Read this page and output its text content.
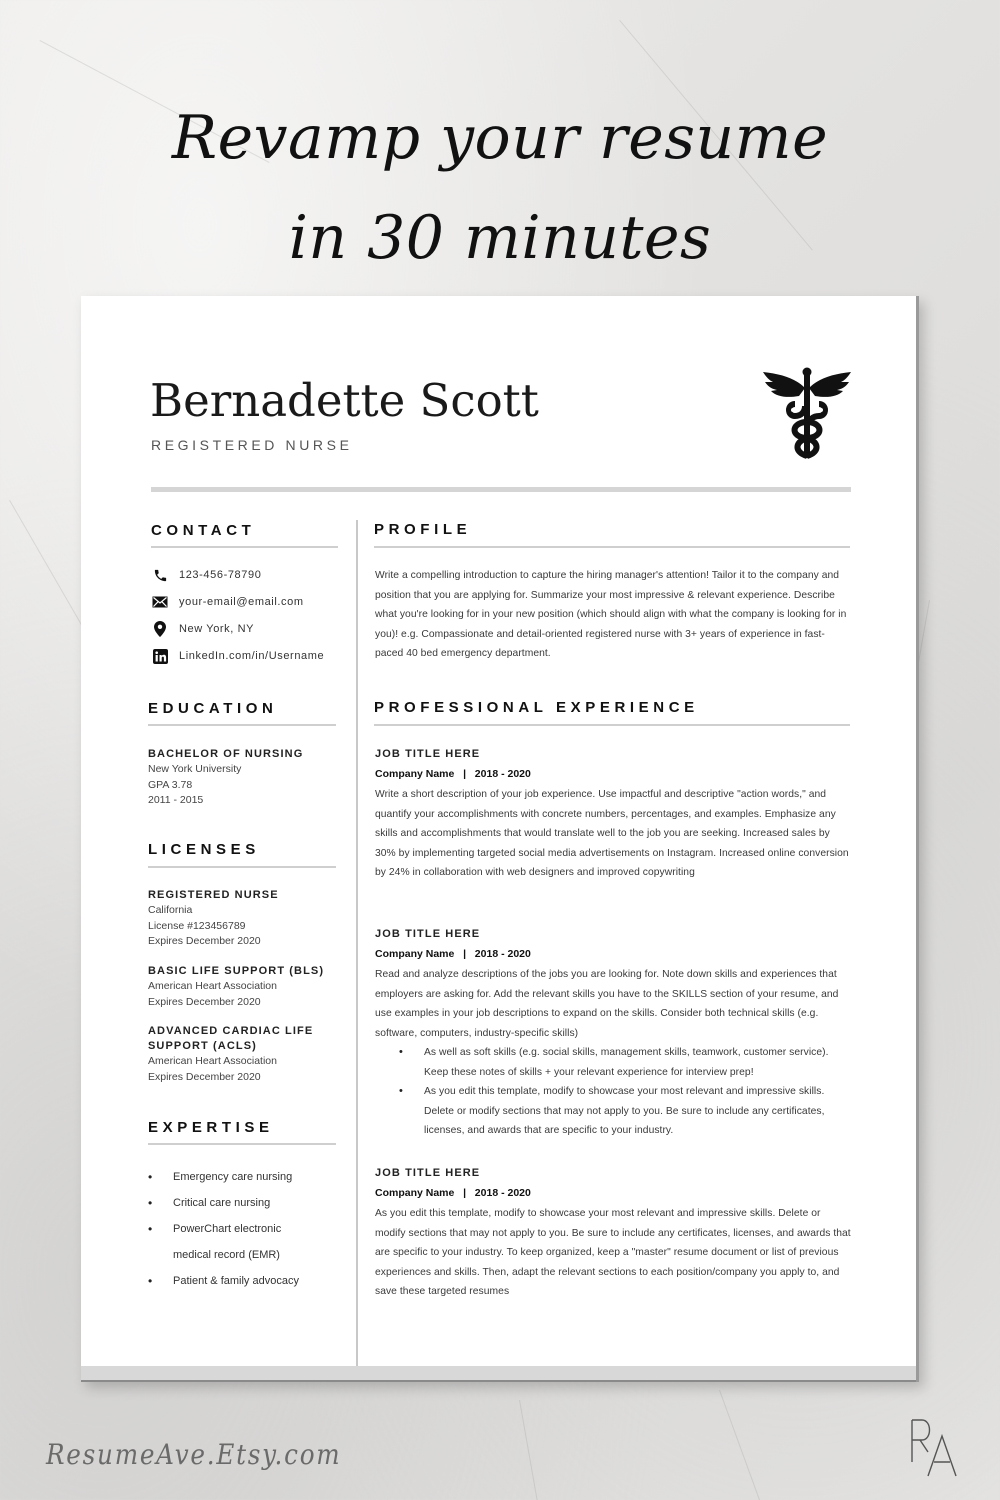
Revamp your resume
in 30 minutes
Bernadette Scott
REGISTERED NURSE
CONTACT
123-456-78790
your-email@email.com
New York, NY
LinkedIn.com/in/Username
EDUCATION
BACHELOR OF NURSING
New York University
GPA 3.78
2011 - 2015
LICENSES
REGISTERED NURSE
California
License #123456789
Expires December 2020
BASIC LIFE SUPPORT (BLS)
American Heart Association
Expires December 2020
ADVANCED CARDIAC LIFE SUPPORT (ACLS)
American Heart Association
Expires December 2020
EXPERTISE
• Emergency care nursing
• Critical care nursing
• PowerChart electronic medical record (EMR)
• Patient & family advocacy
PROFILE
Write a compelling introduction to capture the hiring manager's attention! Tailor it to the company and position that you are applying for. Summarize your most impressive & relevant experience. Describe what you're looking for in your new position (which should align with what the company is looking for in you)! e.g. Compassionate and detail-oriented registered nurse with 3+ years of experience in fast-paced 40 bed emergency department.
PROFESSIONAL EXPERIENCE
JOB TITLE HERE
Company Name   |   2018 - 2020
Write a short description of your job experience. Use impactful and descriptive "action words," and quantify your accomplishments with concrete numbers, percentages, and examples. Emphasize any skills and accomplishments that would translate well to the job you are seeking. Increased sales by 30% by implementing targeted social media advertisements on Instagram. Increased online conversion by 24% in collaboration with web designers and improved copywriting
JOB TITLE HERE
Company Name   |   2018 - 2020
Read and analyze descriptions of the jobs you are looking for. Note down skills and experiences that employers are asking for. Add the relevant skills you have to the SKILLS section of your resume, and use examples in your job descriptions to expand on the skills. Consider both technical skills (e.g. software, computers, industry-specific skills)
• As well as soft skills (e.g. social skills, management skills, teamwork, customer service). Keep these notes of skills + your relevant experience for interview prep!
• As you edit this template, modify to showcase your most relevant and impressive skills. Delete or modify sections that may not apply to you. Be sure to include any certificates, licenses, and awards that are specific to your industry.
JOB TITLE HERE
Company Name   |   2018 - 2020
As you edit this template, modify to showcase your most relevant and impressive skills. Delete or modify sections that may not apply to you. Be sure to include any certificates, licenses, and awards that are specific to your industry. To keep organized, keep a "master" resume document or list of previous experiences and skills. Then, adapt the relevant sections to each position/company you apply to, and save these targeted resumes
ResumeAve.Etsy.com
